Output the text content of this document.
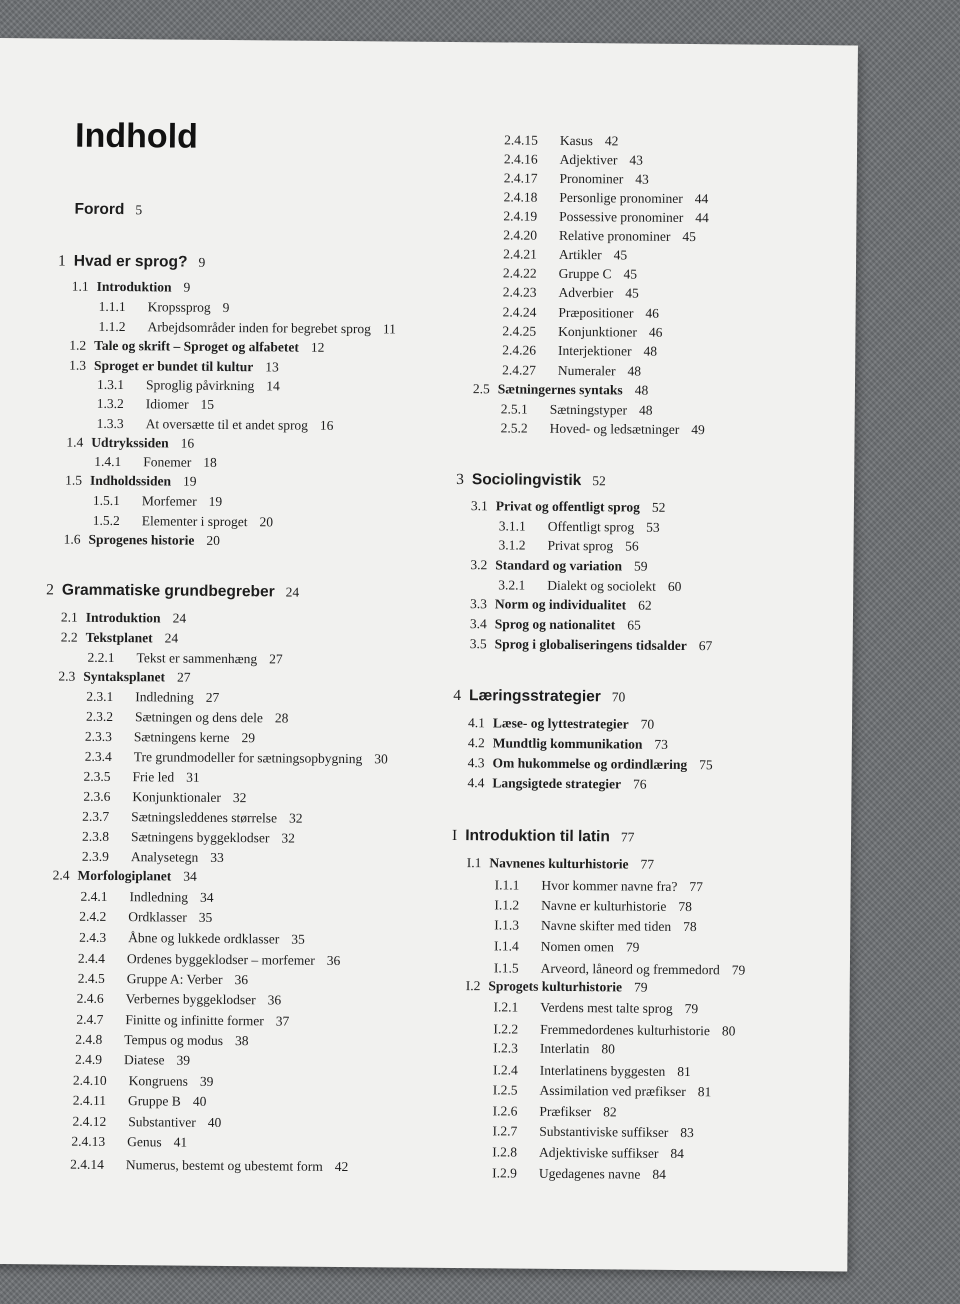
Indhold
Forord 5
1 Hvad er sprog? 9
1.1 Introduktion 9
1.1.1 Kropssprog 9
1.1.2 Arbejdsområder inden for begrebet sprog 11
1.2 Tale og skrift – Sproget og alfabetet 12
1.3 Sproget er bundet til kultur 13
1.3.1 Sproglig påvirkning 14
1.3.2 Idiomer 15
1.3.3 At oversætte til et andet sprog 16
1.4 Udtrykssiden 16
1.4.1 Fonemer 18
1.5 Indholdssiden 19
1.5.1 Morfemer 19
1.5.2 Elementer i sproget 20
1.6 Sprogenes historie 20
2 Grammatiske grundbegreber 24
2.1 Introduktion 24
2.2 Tekstplanet 24
2.2.1 Tekst er sammenhæng 27
2.3 Syntaksplanet 27
2.3.1 Indledning 27
2.3.2 Sætningen og dens dele 28
2.3.3 Sætningens kerne 29
2.3.4 Tre grundmodeller for sætningsopbygning 30
2.3.5 Frie led 31
2.3.6 Konjunktionaler 32
2.3.7 Sætningsleddenes størrelse 32
2.3.8 Sætningens byggeklodser 32
2.3.9 Analysetegn 33
2.4 Morfologiplanet 34
2.4.1 Indledning 34
2.4.2 Ordklasser 35
2.4.3 Åbne og lukkede ordklasser 35
2.4.4 Ordenes byggeklodser – morfemer 36
2.4.5 Gruppe A: Verber 36
2.4.6 Verbernes byggeklodser 36
2.4.7 Finitte og infinitte former 37
2.4.8 Tempus og modus 38
2.4.9 Diatese 39
2.4.10 Kongruens 39
2.4.11 Gruppe B 40
2.4.12 Substantiver 40
2.4.13 Genus 41
2.4.14 Numerus, bestemt og ubestemt form 42
2.4.15 Kasus 42
2.4.16 Adjektiver 43
2.4.17 Pronominer 43
2.4.18 Personlige pronominer 44
2.4.19 Possessive pronominer 44
2.4.20 Relative pronominer 45
2.4.21 Artikler 45
2.4.22 Gruppe C 45
2.4.23 Adverbier 45
2.4.24 Præpositioner 46
2.4.25 Konjunktioner 46
2.4.26 Interjektioner 48
2.4.27 Numeraler 48
2.5 Sætningernes syntaks 48
2.5.1 Sætningstyper 48
2.5.2 Hoved- og ledsætninger 49
3 Sociolingvistik 52
3.1 Privat og offentligt sprog 52
3.1.1 Offentligt sprog 53
3.1.2 Privat sprog 56
3.2 Standard og variation 59
3.2.1 Dialekt og sociolekt 60
3.3 Norm og individualitet 62
3.4 Sprog og nationalitet 65
3.5 Sprog i globaliseringens tidsalder 67
4 Læringsstrategier 70
4.1 Læse- og lyttestrategier 70
4.2 Mundtlig kommunikation 73
4.3 Om hukommelse og ordindlæring 75
4.4 Langsigtede strategier 76
I Introduktion til latin 77
I.1 Navnenes kulturhistorie 77
I.1.1 Hvor kommer navne fra? 77
I.1.2 Navne er kulturhistorie 78
I.1.3 Navne skifter med tiden 78
I.1.4 Nomen omen 79
I.1.5 Arveord, låneord og fremmedord 79
I.2 Sprogets kulturhistorie 79
I.2.1 Verdens mest talte sprog 79
I.2.2 Fremmedordenes kulturhistorie 80
I.2.3 Interlatin 80
I.2.4 Interlatinens byggesten 81
I.2.5 Assimilation ved præfikser 81
I.2.6 Præfikser 82
I.2.7 Substantiviske suffikser 83
I.2.8 Adjektiviske suffikser 84
I.2.9 Ugedagenes navne 84
